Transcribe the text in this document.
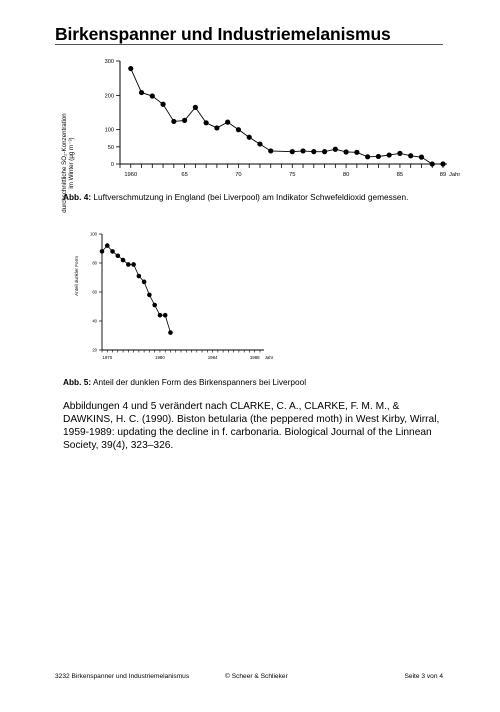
Birkenspanner und Industriemelanismus
0
50
100
200
300
1960	65	70	75	80	85	89 Jahr
durchschnittliche SO₂-Konzentration im Winter (µg m⁻³)

Abb. 4: Luftverschmutzung in England (bei Liverpool) am Indikator Schwefeldioxid gemessen.

20
40
60
80
100
1970	1980	1984	1988 Jahr
Anteil dunkler Form

Abb. 5: Anteil der dunklen Form des Birkenspanners bei Liverpool

Abbildungen 4 und 5 verändert nach CLARKE, C. A., CLARKE, F. M. M., & DAWKINS, H. C. (1990). Biston betularia (the peppered moth) in West Kirby, Wirral, 1959-1989: updating the decline in f. carbonaria. Biological Journal of the Linnean Society, 39(4), 323–326.

3232 Birkenspanner und Industriemelanismus	© Scheer & Schlieker	Seite 3 von 4
